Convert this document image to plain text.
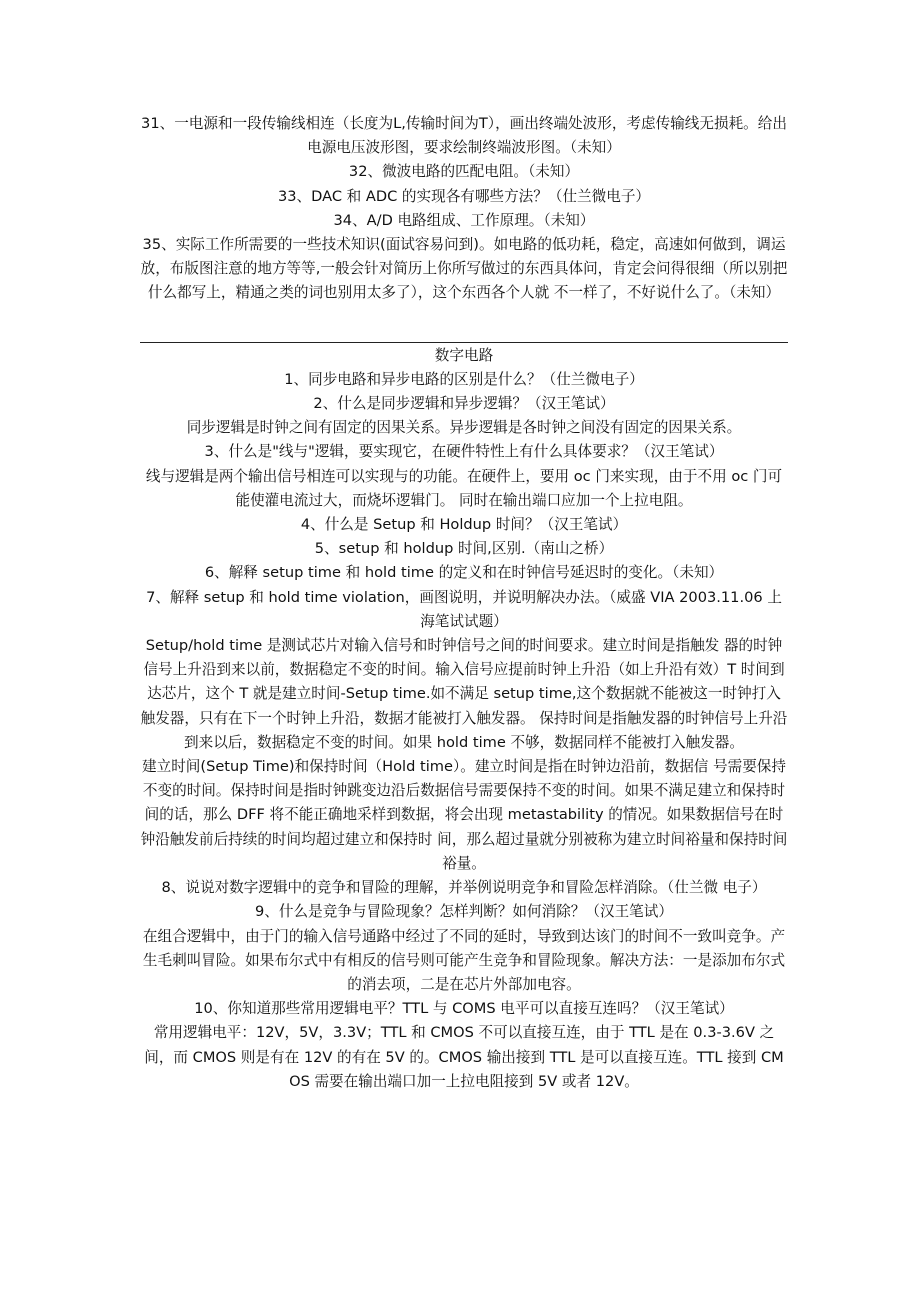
31、一电源和一段传输线相连（长度为L,传输时间为T），画出终端处波形，考虑传输线无损耗。给出电源电压波形图，要求绘制终端波形图。（未知）

32、微波电路的匹配电阻。（未知）

33、DAC 和 ADC 的实现各有哪些方法？（仕兰微电子）

34、A/D 电路组成、工作原理。（未知）

35、实际工作所需要的一些技术知识(面试容易问到)。如电路的低功耗，稳定，高速如何做到，调运放，布版图注意的地方等等,一般会针对简历上你所写做过的东西具体问，肯定会问得很细（所以别把什么都写上，精通之类的词也别用太多了），这个东西各个人就 不一样了，不好说什么了。（未知）

数字电路

1、同步电路和异步电路的区别是什么？（仕兰微电子）

2、什么是同步逻辑和异步逻辑？（汉王笔试）

同步逻辑是时钟之间有固定的因果关系。异步逻辑是各时钟之间没有固定的因果关系。

3、什么是"线与"逻辑，要实现它，在硬件特性上有什么具体要求？（汉王笔试）

线与逻辑是两个输出信号相连可以实现与的功能。在硬件上，要用 oc 门来实现，由于不用 oc 门可能使灌电流过大，而烧坏逻辑门。 同时在输出端口应加一个上拉电阻。

4、什么是 Setup 和 Holdup 时间？（汉王笔试）

5、setup 和 holdup 时间,区别.（南山之桥）

6、解释 setup time 和 hold time 的定义和在时钟信号延迟时的变化。（未知）

7、解释 setup 和 hold time violation，画图说明，并说明解决办法。（威盛 VIA 2003.11.06 上海笔试试题）

Setup/hold time 是测试芯片对输入信号和时钟信号之间的时间要求。建立时间是指触发 器的时钟信号上升沿到来以前，数据稳定不变的时间。输入信号应提前时钟上升沿（如上升沿有效）T 时间到达芯片，这个 T 就是建立时间-Setup time.如不满足 setup time,这个数据就不能被这一时钟打入触发器，只有在下一个时钟上升沿，数据才能被打入触发器。 保持时间是指触发器的时钟信号上升沿到来以后，数据稳定不变的时间。如果 hold time 不够，数据同样不能被打入触发器。

建立时间(Setup Time)和保持时间（Hold time）。建立时间是指在时钟边沿前，数据信 号需要保持不变的时间。保持时间是指时钟跳变边沿后数据信号需要保持不变的时间。如果不满足建立和保持时间的话，那么 DFF 将不能正确地采样到数据，将会出现 metastability 的情况。如果数据信号在时钟沿触发前后持续的时间均超过建立和保持时 间，那么超过量就分别被称为建立时间裕量和保持时间裕量。

8、说说对数字逻辑中的竞争和冒险的理解，并举例说明竞争和冒险怎样消除。（仕兰微 电子）

9、什么是竞争与冒险现象？怎样判断？如何消除？（汉王笔试）

在组合逻辑中，由于门的输入信号通路中经过了不同的延时，导致到达该门的时间不一致叫竞争。产生毛刺叫冒险。如果布尔式中有相反的信号则可能产生竞争和冒险现象。解决方法：一是添加布尔式的消去项，二是在芯片外部加电容。

10、你知道那些常用逻辑电平？TTL 与 COMS 电平可以直接互连吗？（汉王笔试）

常用逻辑电平：12V，5V，3.3V；TTL 和 CMOS 不可以直接互连，由于 TTL 是在 0.3-3.6V 之间，而 CMOS 则是有在 12V 的有在 5V 的。CMOS 输出接到 TTL 是可以直接互连。TTL 接到 CMOS 需要在输出端口加一上拉电阻接到 5V 或者 12V。
